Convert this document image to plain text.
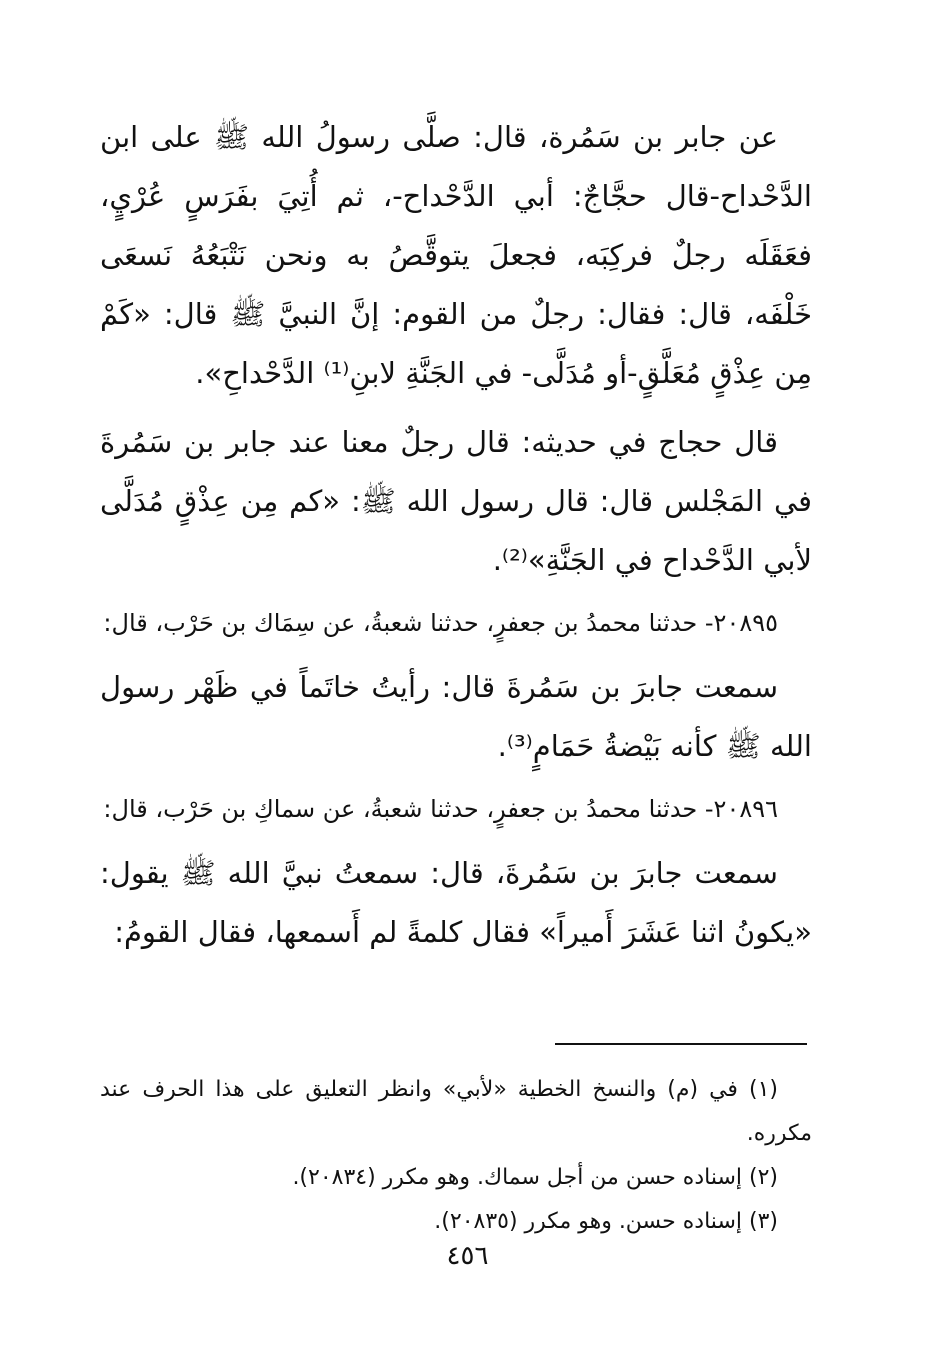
عن جابر بن سَمُرة، قال: صلَّى رسولُ الله ﷺ على ابن الدَّحْداح-قال حجَّاجٌ: أبي الدَّحْداح-، ثم أُتِيَ بفَرَسٍ عُرْيٍ، فعَقَلَه رجلٌ فركِبَه، فجعلَ يتوقَّصُ به ونحن نَتْبَعُهُ نَسعَى خَلْفَه، قال: فقال: رجلٌ من القوم: إنَّ النبيَّ ﷺ قال: «كَمْ مِن عِذْقٍ مُعَلَّقٍ-أو مُدَلَّى- في الجَنَّةِ لابنِ⁽¹⁾ الدَّحْداحِ».

قال حجاج في حديثه: قال رجلٌ معنا عند جابر بن سَمُرةَ في المَجْلس قال: قال رسول الله ﷺ: «كم مِن عِذْقٍ مُدَلَّى لأبي الدَّحْداح في الجَنَّةِ»⁽²⁾.

٢٠٨٩٥- حدثنا محمدُ بن جعفرٍ، حدثنا شعبةُ، عن سِمَاك بن حَرْب، قال:

سمعت جابرَ بن سَمُرةَ قال: رأيتُ خاتَماً في ظَهْر رسول الله ﷺ كأنه بَيْضةُ حَمَامٍ⁽³⁾.

٢٠٨٩٦- حدثنا محمدُ بن جعفرٍ، حدثنا شعبةُ، عن سماكِ بن حَرْب، قال:

سمعت جابرَ بن سَمُرةَ، قال: سمعتُ نبيَّ الله ﷺ يقول: «يكونُ اثنا عَشَرَ أَميراً» فقال كلمةً لم أَسمعها، فقال القومُ:

(١) في (م) والنسخ الخطية «لأبي» وانظر التعليق على هذا الحرف عند مكرره.

(٢) إسناده حسن من أجل سماك. وهو مكرر (٢٠٨٣٤).

(٣) إسناده حسن. وهو مكرر (٢٠٨٣٥).

٤٥٦
